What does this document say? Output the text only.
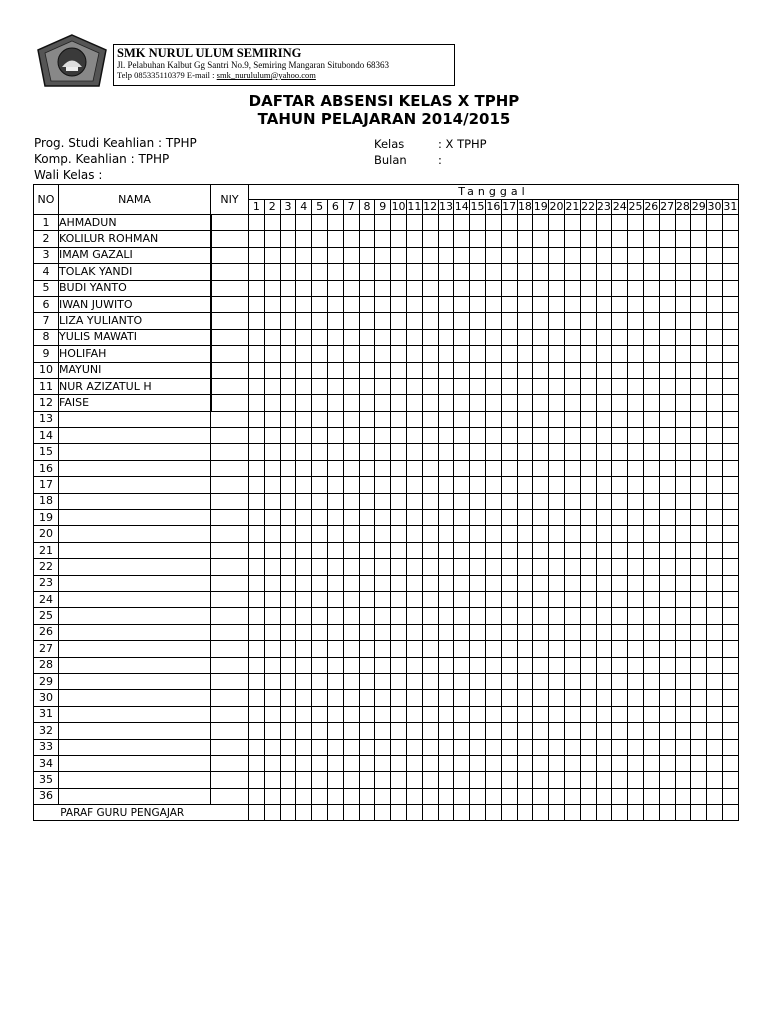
SMK NURUL ULUM SEMIRING
Jl. Pelabuhan Kalbut Gg Santri No.9, Semiring Mangaran Situbondo 68363
Telp 085335110379 E-mail : smk_nurululum@yahoo.com
DAFTAR ABSENSI KELAS X TPHP
TAHUN PELAJARAN 2014/2015
Prog. Studi Keahlian : TPHP
Komp. Keahlian : TPHP
Wali Kelas :
Kelas	: X TPHP
Bulan	:
NO	NAMA	NIY	Tanggal																														
			1	2	3	4	5	6	7	8	9	10	11	12	13	14	15	16	17	18	19	20	21	22	23	24	25	26	27	28	29	30	31
1	AHMADUN																																
2	KOLILUR ROHMAN																																
3	IMAM GAZALI																																
4	TOLAK YANDI																																
5	BUDI YANTO																																
6	IWAN JUWITO																																
7	LIZA YULIANTO																																
8	YULIS MAWATI																																
9	HOLIFAH																																
10	MAYUNI																																
11	NUR AZIZATUL H																																
12	FAISE																																
13																																	
14																																	
15																																	
16																																	
17																																	
18																																	
19																																	
20																																	
21																																	
22																																	
23																																	
24																																	
25																																	
26																																	
27																																	
28																																	
29																																	
30																																	
31																																	
32																																	
33																																	
34																																	
35																																	
36																																	
PARAF GURU PENGAJAR																																	
